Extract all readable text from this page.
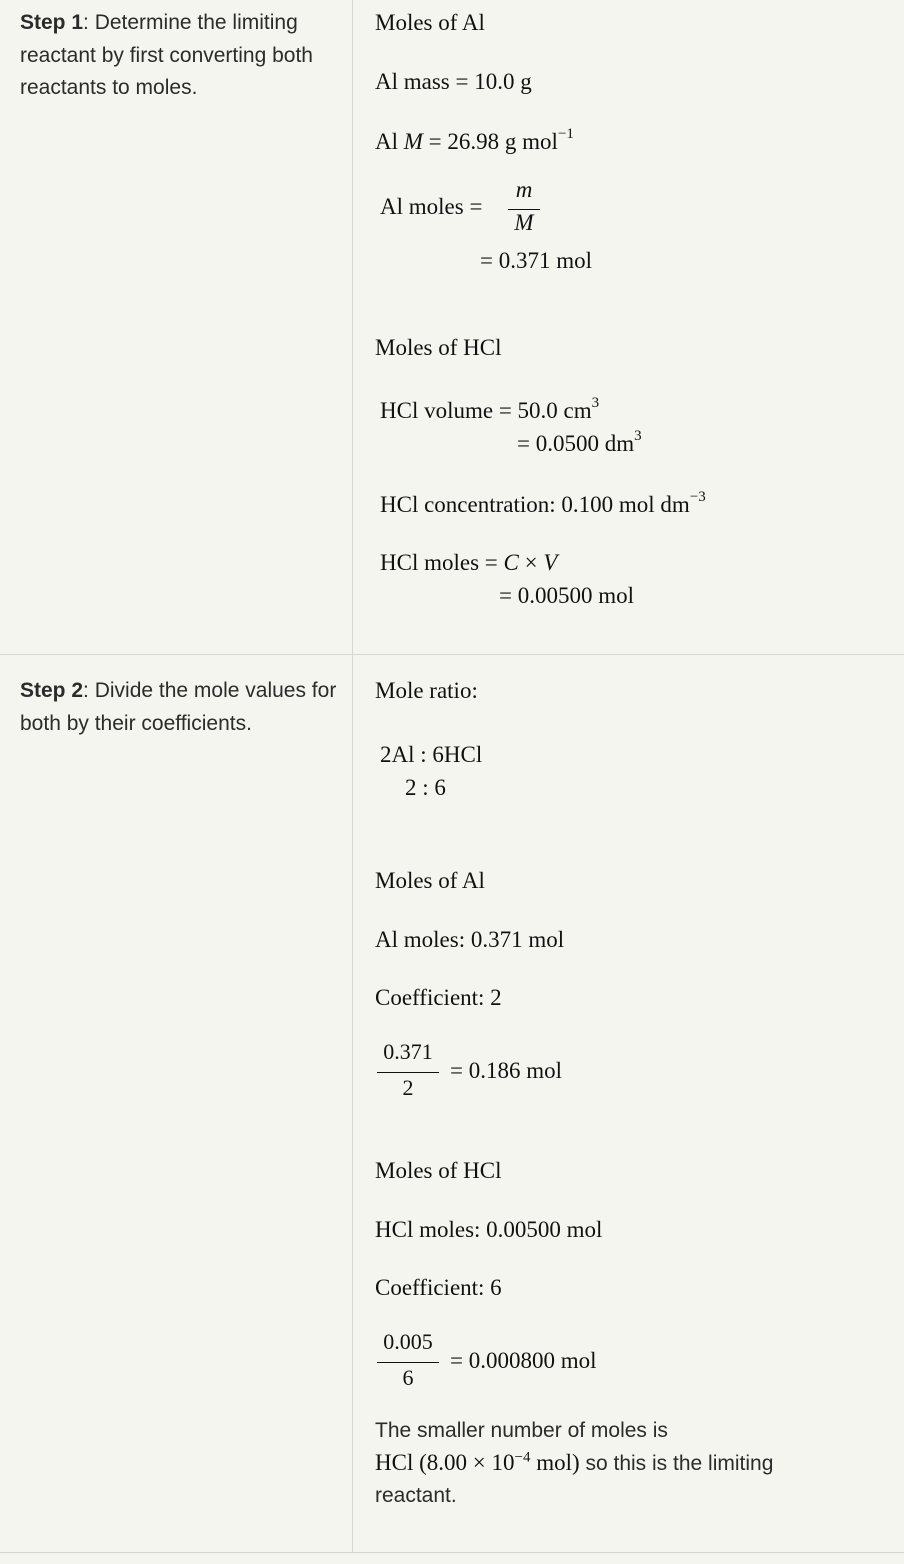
Step 1: Determine the limiting reactant by first converting both reactants to moles.
Moles of Al
Al mass = 10.0 g
Al M = 26.98 g mol$^{-1}$
Al moles =
m
M
= 0.371 mol
Moles of HCl
HCl volume = 50.0 $cm^3$
= 0.0500 $dm^3$
HCl concentration: 0.100 mol $dm^{-3}$
HCl moles = C × V
= 0.00500 mol
Step 2: Divide the mole values for both by their coefficients.
Mole ratio:
2Al : 6HCl
2 : 6
Moles of Al
Al moles: 0.371 mol
Coefficient: 2
0.371
2
= 0.186 mol
Moles of HCl
HCl moles: 0.00500 mol
Coefficient: 6
0.005
6
= 0.000800 mol
The smaller number of moles is
HCl ($8.00 \times 10^{-4}$ mol) so this is the limiting reactant.
